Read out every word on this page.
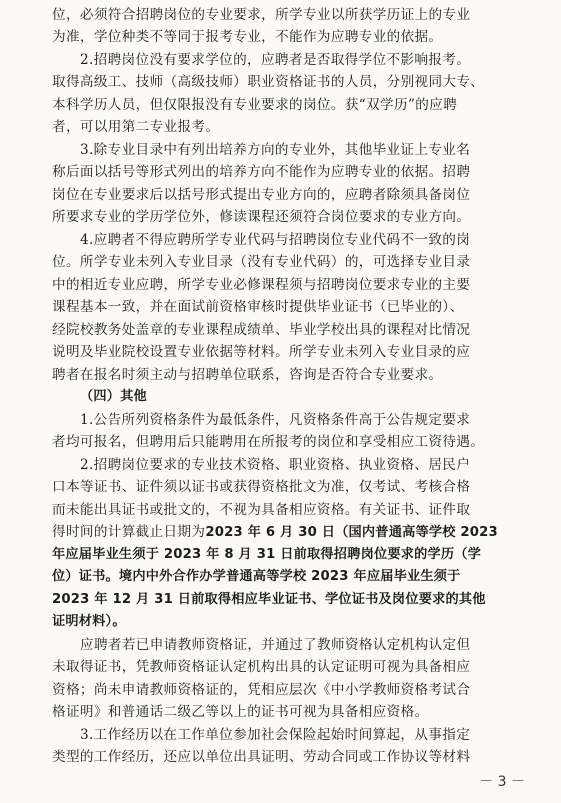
位，必须符合招聘岗位的专业要求，所学专业以所获学历证上的专业
为准，学位种类不等同于报考专业，不能作为应聘专业的依据。
2.招聘岗位没有要求学位的，应聘者是否取得学位不影响报考。
取得高级工、技师（高级技师）职业资格证书的人员，分别视同大专、
本科学历人员，但仅限报没有专业要求的岗位。获“双学历”的应聘
者，可以用第二专业报考。
3.除专业目录中有列出培养方向的专业外，其他毕业证上专业名
称后面以括号等形式列出的培养方向不能作为应聘专业的依据。招聘
岗位在专业要求后以括号形式提出专业方向的，应聘者除须具备岗位
所要求专业的学历学位外，修读课程还须符合岗位要求的专业方向。
4.应聘者不得应聘所学专业代码与招聘岗位专业代码不一致的岗
位。所学专业未列入专业目录（没有专业代码）的，可选择专业目录
中的相近专业应聘，所学专业必修课程须与招聘岗位要求专业的主要
课程基本一致，并在面试前资格审核时提供毕业证书（已毕业的）、
经院校教务处盖章的专业课程成绩单、毕业学校出具的课程对比情况
说明及毕业院校设置专业依据等材料。所学专业未列入专业目录的应
聘者在报名时须主动与招聘单位联系，咨询是否符合专业要求。
（四）其他
1.公告所列资格条件为最低条件，凡资格条件高于公告规定要求
者均可报名，但聘用后只能聘用在所报考的岗位和享受相应工资待遇。
2.招聘岗位要求的专业技术资格、职业资格、执业资格、居民户
口本等证书、证件须以证书或获得资格批文为准，仅考试、考核合格
而未能出具证书或批文的，不视为具备相应资格。有关证书、证件取
得时间的计算截止日期为2023 年 6 月 30 日（国内普通高等学校 2023
年应届毕业生须于 2023 年 8 月 31 日前取得招聘岗位要求的学历（学
位）证书。境内中外合作办学普通高等学校 2023 年应届毕业生须于
2023 年 12 月 31 日前取得相应毕业证书、学位证书及岗位要求的其他
证明材料）。
应聘者若已申请教师资格证，并通过了教师资格认定机构认定但
未取得证书，凭教师资格证认定机构出具的认定证明可视为具备相应
资格；尚未申请教师资格证的，凭相应层次《中小学教师资格考试合
格证明》和普通话二级乙等以上的证书可视为具备相应资格。
3.工作经历以在工作单位参加社会保险起始时间算起，从事指定
类型的工作经历，还应以单位出具证明、劳动合同或工作协议等材料
－ 3 －
